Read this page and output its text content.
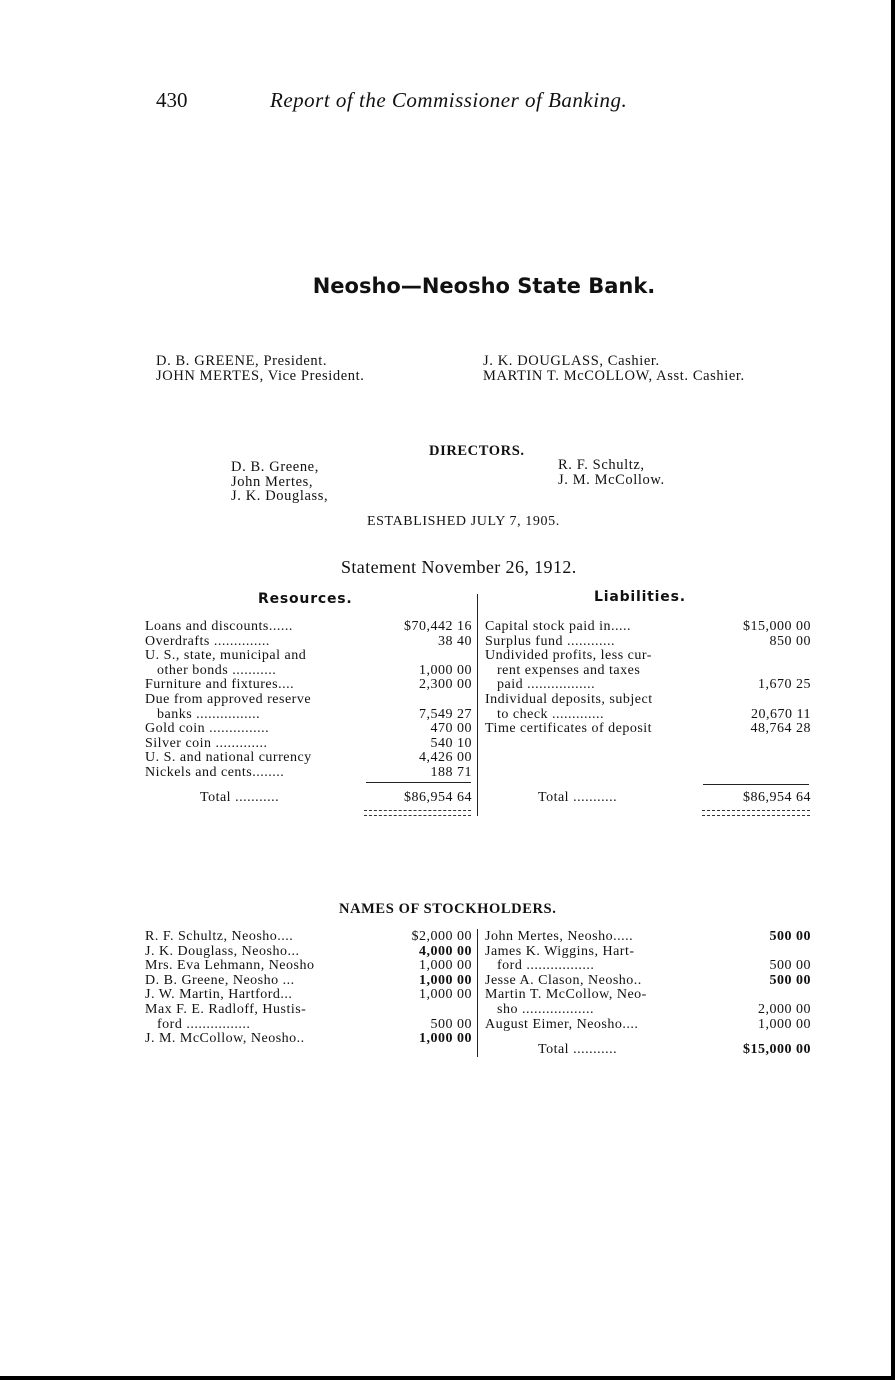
430	Report of the Commissioner of Banking.
Neosho—Neosho State Bank.
D. B. GREENE, President.
JOHN MERTES, Vice President.
J. K. DOUGLASS, Cashier.
MARTIN T. McCOLLOW, Asst. Cashier.
DIRECTORS.
D. B. Greene,
John Mertes,
J. K. Douglass,
R. F. Schultz,
J. M. McCollow.
ESTABLISHED JULY 7, 1905.
Statement November 26, 1912.
Resources.	Liabilities.
Loans and discounts......	$70,442 16
Overdrafts ..............	38 40
U. S., state, municipal and
other bonds ...........	1,000 00
Furniture and fixtures....	2,300 00
Due from approved reserve
banks ................	7,549 27
Gold coin ...............	470 00
Silver coin .............	540 10
U. S. and national currency	4,426 00
Nickels and cents........	188 71
Capital stock paid in.....	$15,000 00
Surplus fund ............	850 00
Undivided profits, less cur-
rent expenses and taxes
paid .................	1,670 25
Individual deposits, subject
to check .............	20,670 11
Time certificates of deposit	48,764 28
Total ...........	$86,954 64	Total ...........	$86,954 64
NAMES OF STOCKHOLDERS.
R. F. Schultz, Neosho....	$2,000 00
J. K. Douglass, Neosho...	4,000 00
Mrs. Eva Lehmann, Neosho	1,000 00
D. B. Greene, Neosho ...	1,000 00
J. W. Martin, Hartford...	1,000 00
Max F. E. Radloff, Hustis-
ford ................	500 00
J. M. McCollow, Neosho..	1,000 00
John Mertes, Neosho.....	500 00
James K. Wiggins, Hart-
ford .................	500 00
Jesse A. Clason, Neosho..	500 00
Martin T. McCollow, Neo-
sho ..................	2,000 00
August Eimer, Neosho....	1,000 00
Total ...........	$15,000 00
